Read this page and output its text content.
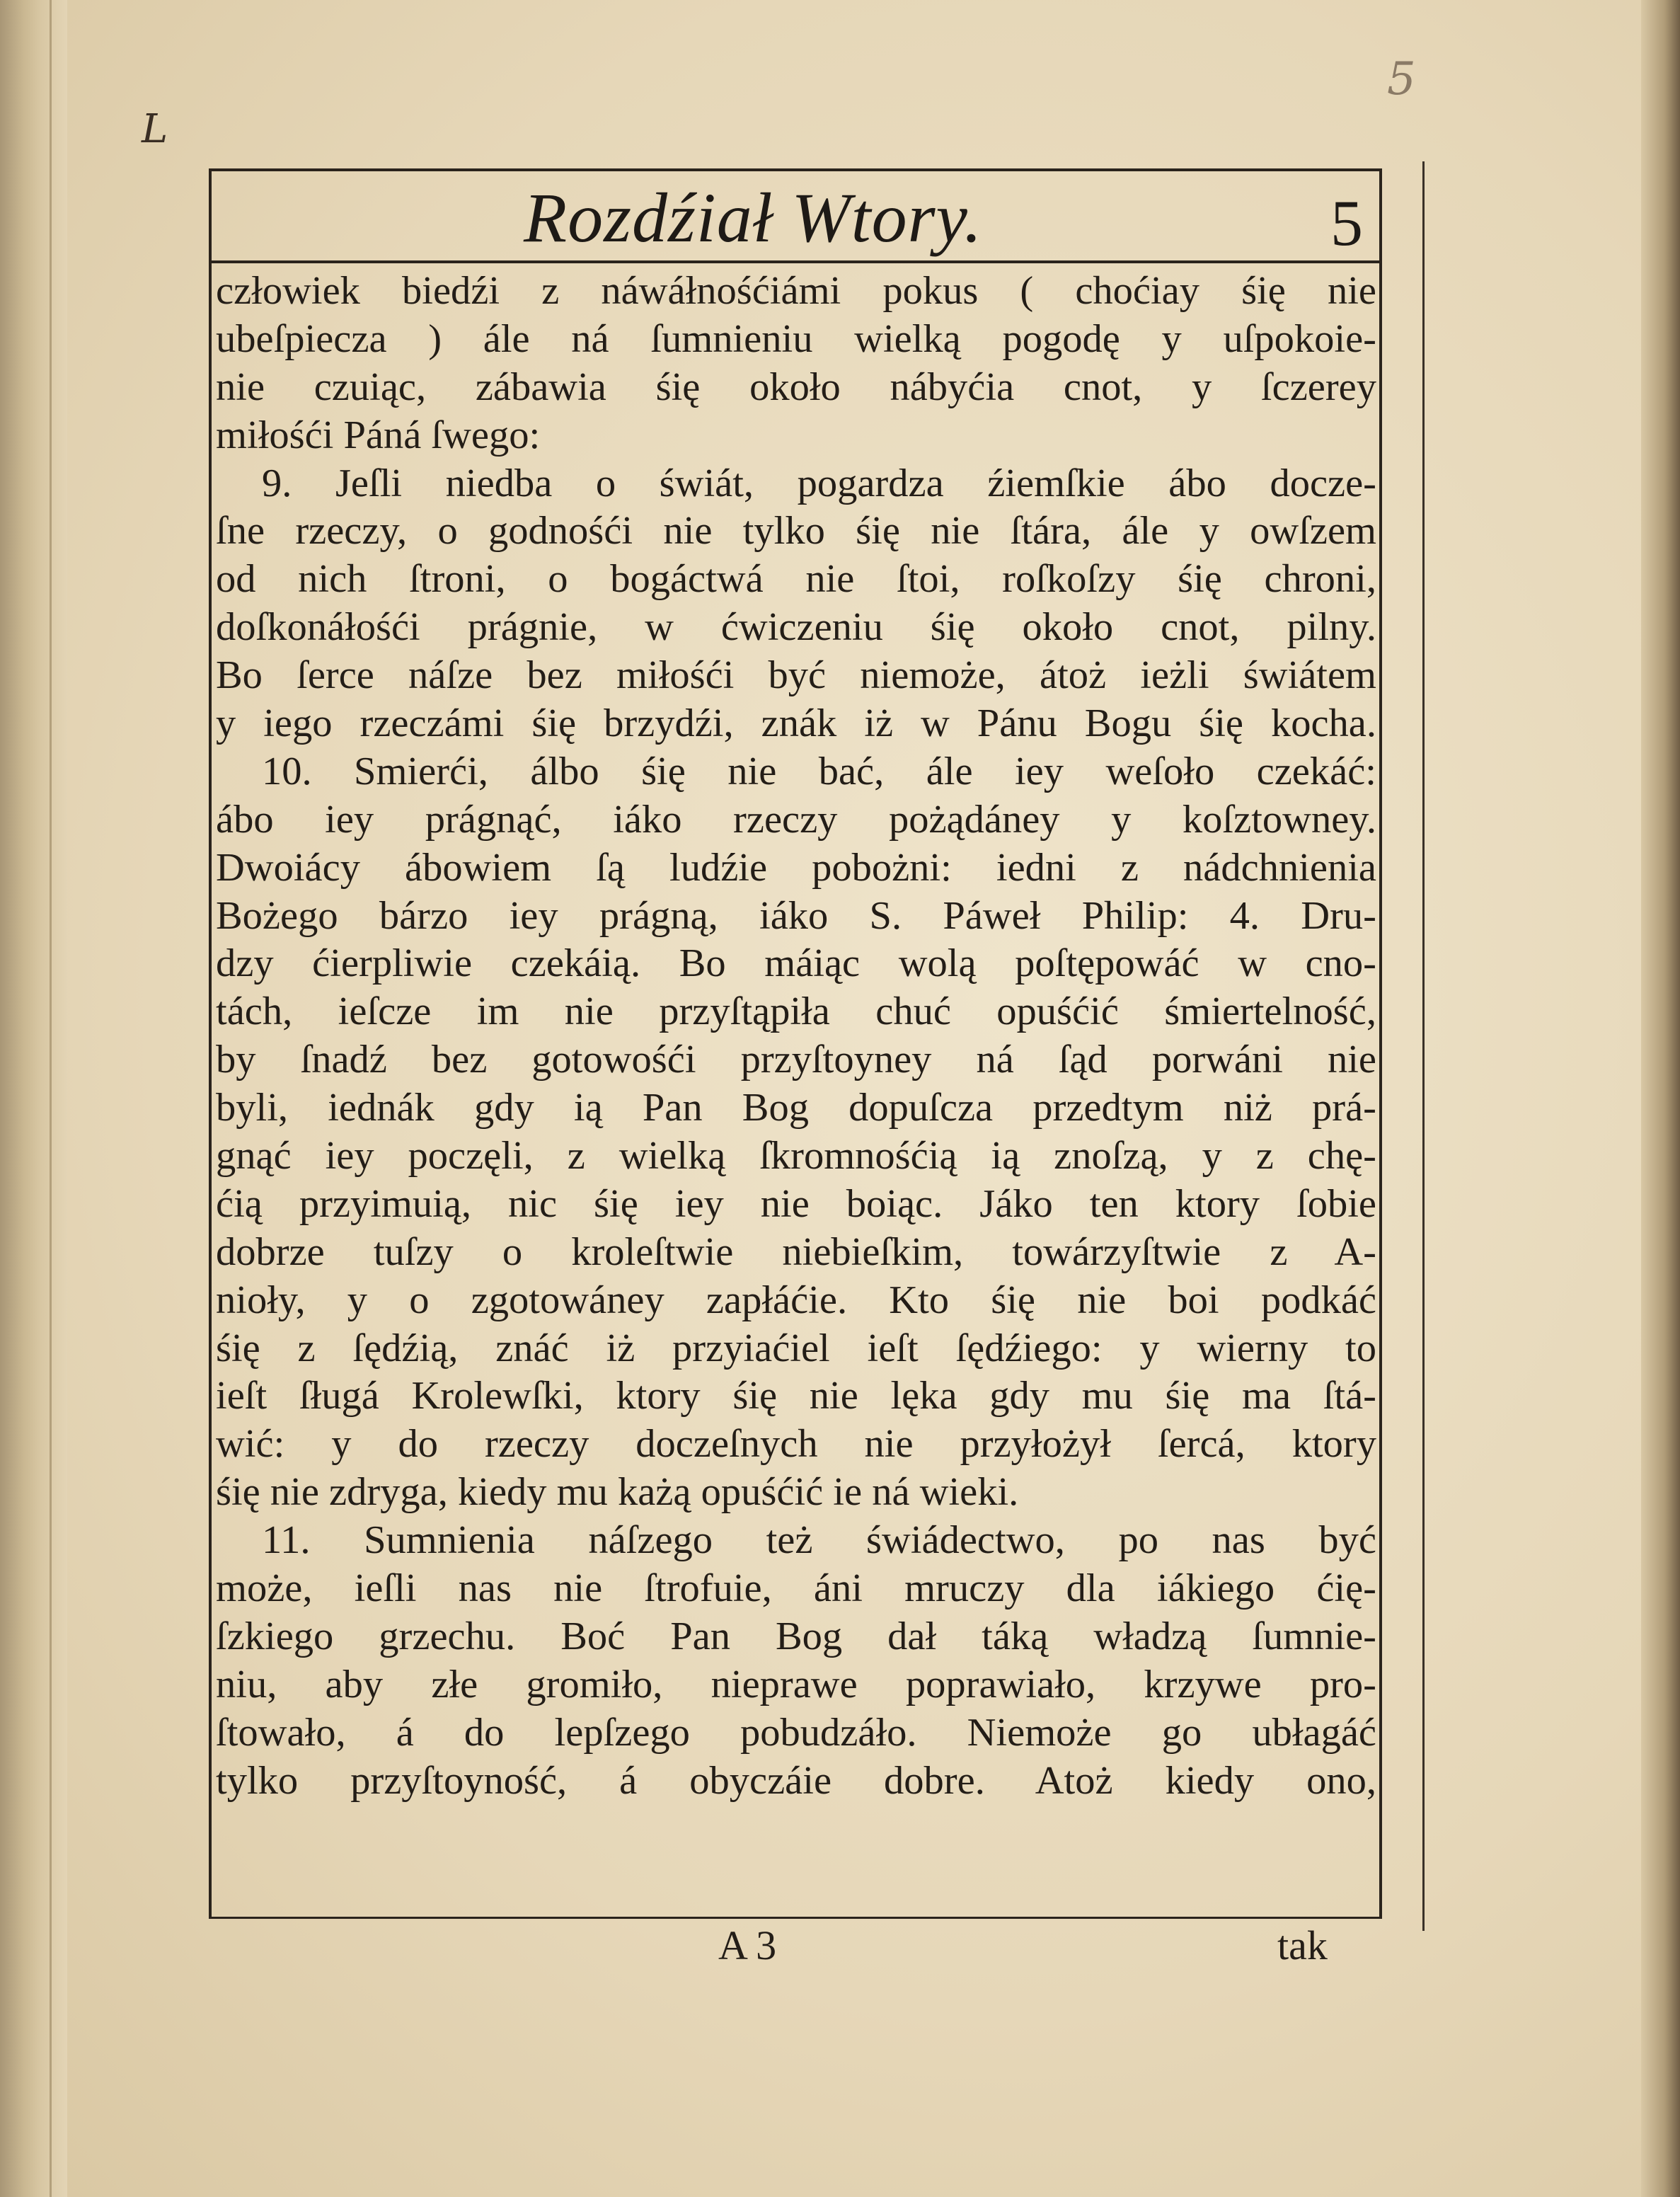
L
5
Rozdźiał Wtory.	5
człowiek biedźi z náwáłnośćiámi pokus ( choćiay śię nie
ubeſpiecza ) ále ná ſumnieniu wielką pogodę y uſpokoie-
nie czuiąc, zábawia śię około nábyćia cnot, y ſczerey
miłośći Páná ſwego:
9. Jeſli niedba o świát, pogardza źiemſkie ábo docze-
ſne rzeczy, o godnośći nie tylko śię nie ſtára, ále y owſzem
od nich ſtroni, o bogáctwá nie ſtoi, roſkoſzy śię chroni,
doſkonáłośći prágnie, w ćwiczeniu śię około cnot, pilny.
Bo ſerce náſze bez miłośći być niemoże, átoż ieżli świátem
y iego rzeczámi śię brzydźi, znák iż w Pánu Bogu śię kocha.
10. Smierći, álbo śię nie bać, ále iey weſoło czekáć:
ábo iey prágnąć, iáko rzeczy pożądáney y koſztowney.
Dwoiácy ábowiem ſą ludźie pobożni: iedni z nádchnienia
Bożego bárzo iey prágną, iáko S. Páweł Philip: 4. Dru-
dzy ćierpliwie czekáią. Bo máiąc wolą poſtępowáć w cno-
tách, ieſcze im nie przyſtąpiła chuć opuśćić śmiertelność,
by ſnadź bez gotowośći przyſtoyney ná ſąd porwáni nie
byli, iednák gdy ią Pan Bog dopuſcza przedtym niż prá-
gnąć iey poczęli, z wielką ſkromnośćią ią znoſzą, y z chę-
ćią przyimuią, nic śię iey nie boiąc. Jáko ten ktory ſobie
dobrze tuſzy o kroleſtwie niebieſkim, towárzyſtwie z A-
nioły, y o zgotowáney zapłáćie. Kto śię nie boi podkáć
śię z ſędźią, znáć iż przyiaćiel ieſt ſędźiego: y wierny to
ieſt ſługá Krolewſki, ktory śię nie lęka gdy mu śię ma ſtá-
wić: y do rzeczy doczeſnych nie przyłożył ſercá, ktory
śię nie zdryga, kiedy mu każą opuśćić ie ná wieki.
11. Sumnienia náſzego też świádectwo, po nas być
może, ieſli nas nie ſtrofuie, áni mruczy dla iákiego ćię-
ſzkiego grzechu. Boć Pan Bog dał táką władzą ſumnie-
niu, aby złe gromiło, nieprawe poprawiało, krzywe pro-
ſtowało, á do lepſzego pobudzáło. Niemoże go ubłagáć
tylko przyſtoyność, á obyczáie dobre. Atoż kiedy ono,
A 3	tak
